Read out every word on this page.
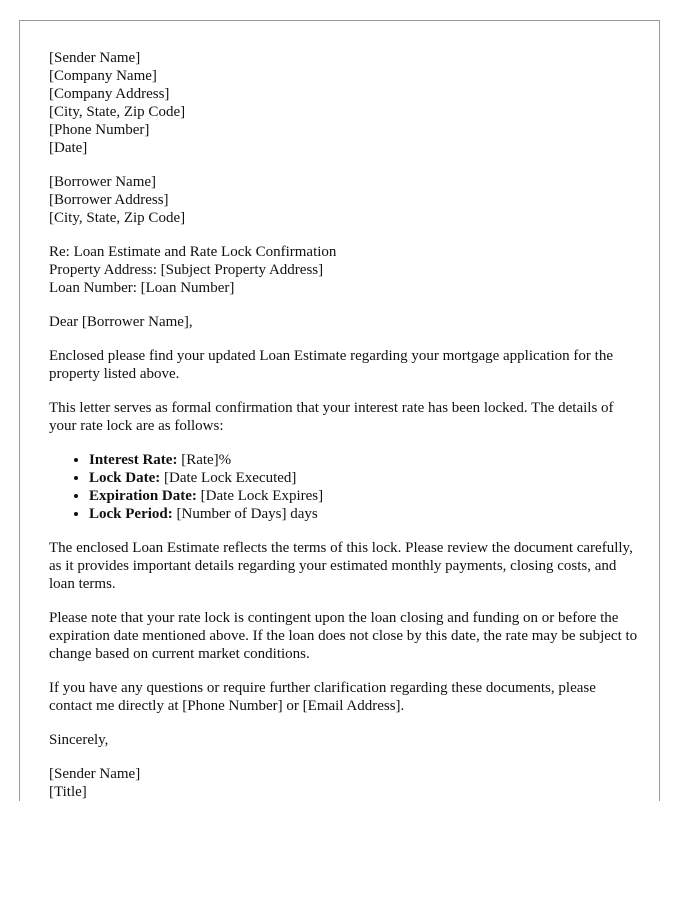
[Sender Name]
[Company Name]
[Company Address]
[City, State, Zip Code]
[Phone Number]
[Date]
[Borrower Name]
[Borrower Address]
[City, State, Zip Code]
Re: Loan Estimate and Rate Lock Confirmation
Property Address: [Subject Property Address]
Loan Number: [Loan Number]

Dear [Borrower Name],

Enclosed please find your updated Loan Estimate regarding your mortgage application for the property listed above.

This letter serves as formal confirmation that your interest rate has been locked. The details of your rate lock are as follows:

• Interest Rate: [Rate]%
• Lock Date: [Date Lock Executed]
• Expiration Date: [Date Lock Expires]
• Lock Period: [Number of Days] days

The enclosed Loan Estimate reflects the terms of this lock. Please review the document carefully, as it provides important details regarding your estimated monthly payments, closing costs, and loan terms.

Please note that your rate lock is contingent upon the loan closing and funding on or before the expiration date mentioned above. If the loan does not close by this date, the rate may be subject to change based on current market conditions.

If you have any questions or require further clarification regarding these documents, please contact me directly at [Phone Number] or [Email Address].

Sincerely,

[Sender Name]
[Title]
